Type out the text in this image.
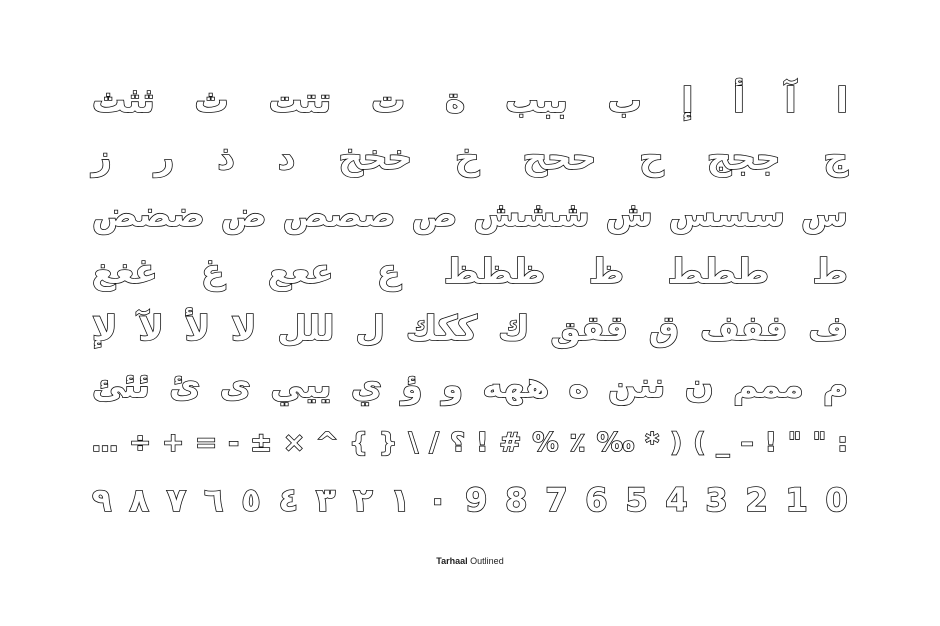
ثثث ث تتت ت ة ببب ب إ أ آ ا
ز ر ذ د خخخ خ ححح ح ججج ج
ضضض ض صصص ص ششش ش سسس س
غغغ غ ععع ع ظظظ ظ ططط ط
لإ لآ لأ لا للل ل ككك ك ققق ق ففف ف
ئئئ ئ ى ييي ي ؤ و ههه ه ننن ن ممم م
… ÷ + = - ± × ^ { } \ / ؟ ! # % ٪ ‰ * ) ( _ – ! " " :
٩ ٨ ٧ ٦ ٥ ٤ ٣ ٢ ١ ٠ 9 8 7 6 5 4 3 2 1 0
Tarhaal Outlined
